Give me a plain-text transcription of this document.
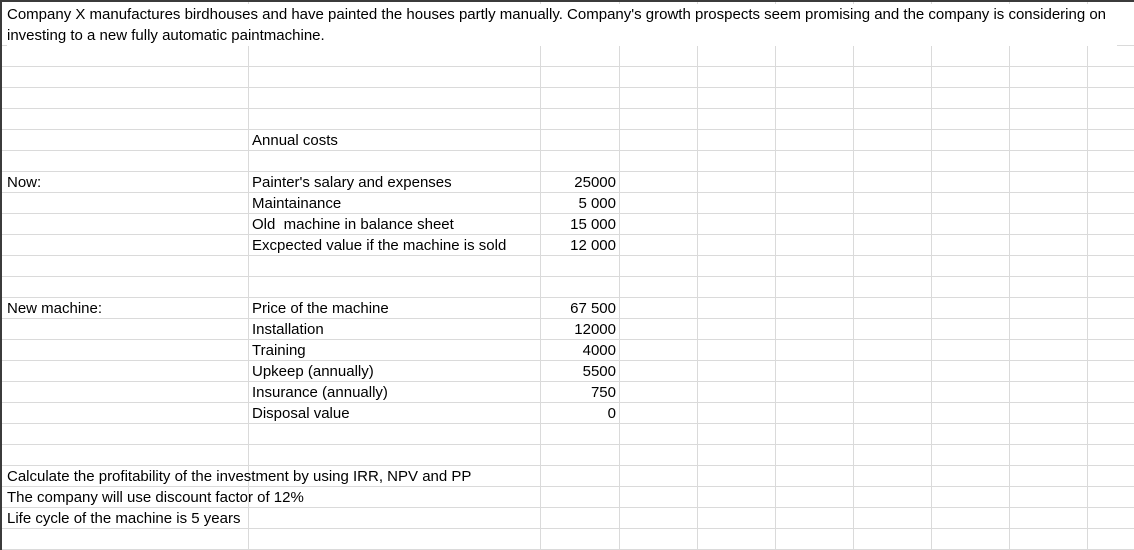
Company X manufactures birdhouses and have painted the houses partly manually. Company's growth prospects seem promising and the company is considering on investing to a new fully automatic paintmachine.
Annual costs
Now:	Painter's salary and expenses	25000
Maintainance	5 000
Old  machine in balance sheet	15 000
Excpected value if the machine is sold	12 000
New machine:	Price of the machine	67 500
Installation	12000
Training	4000
Upkeep (annually)	5500
Insurance (annually)	750
Disposal value	0
Calculate the profitability of the investment by using IRR, NPV and PP
The company will use discount factor of 12%
Life cycle of the machine is 5 years
